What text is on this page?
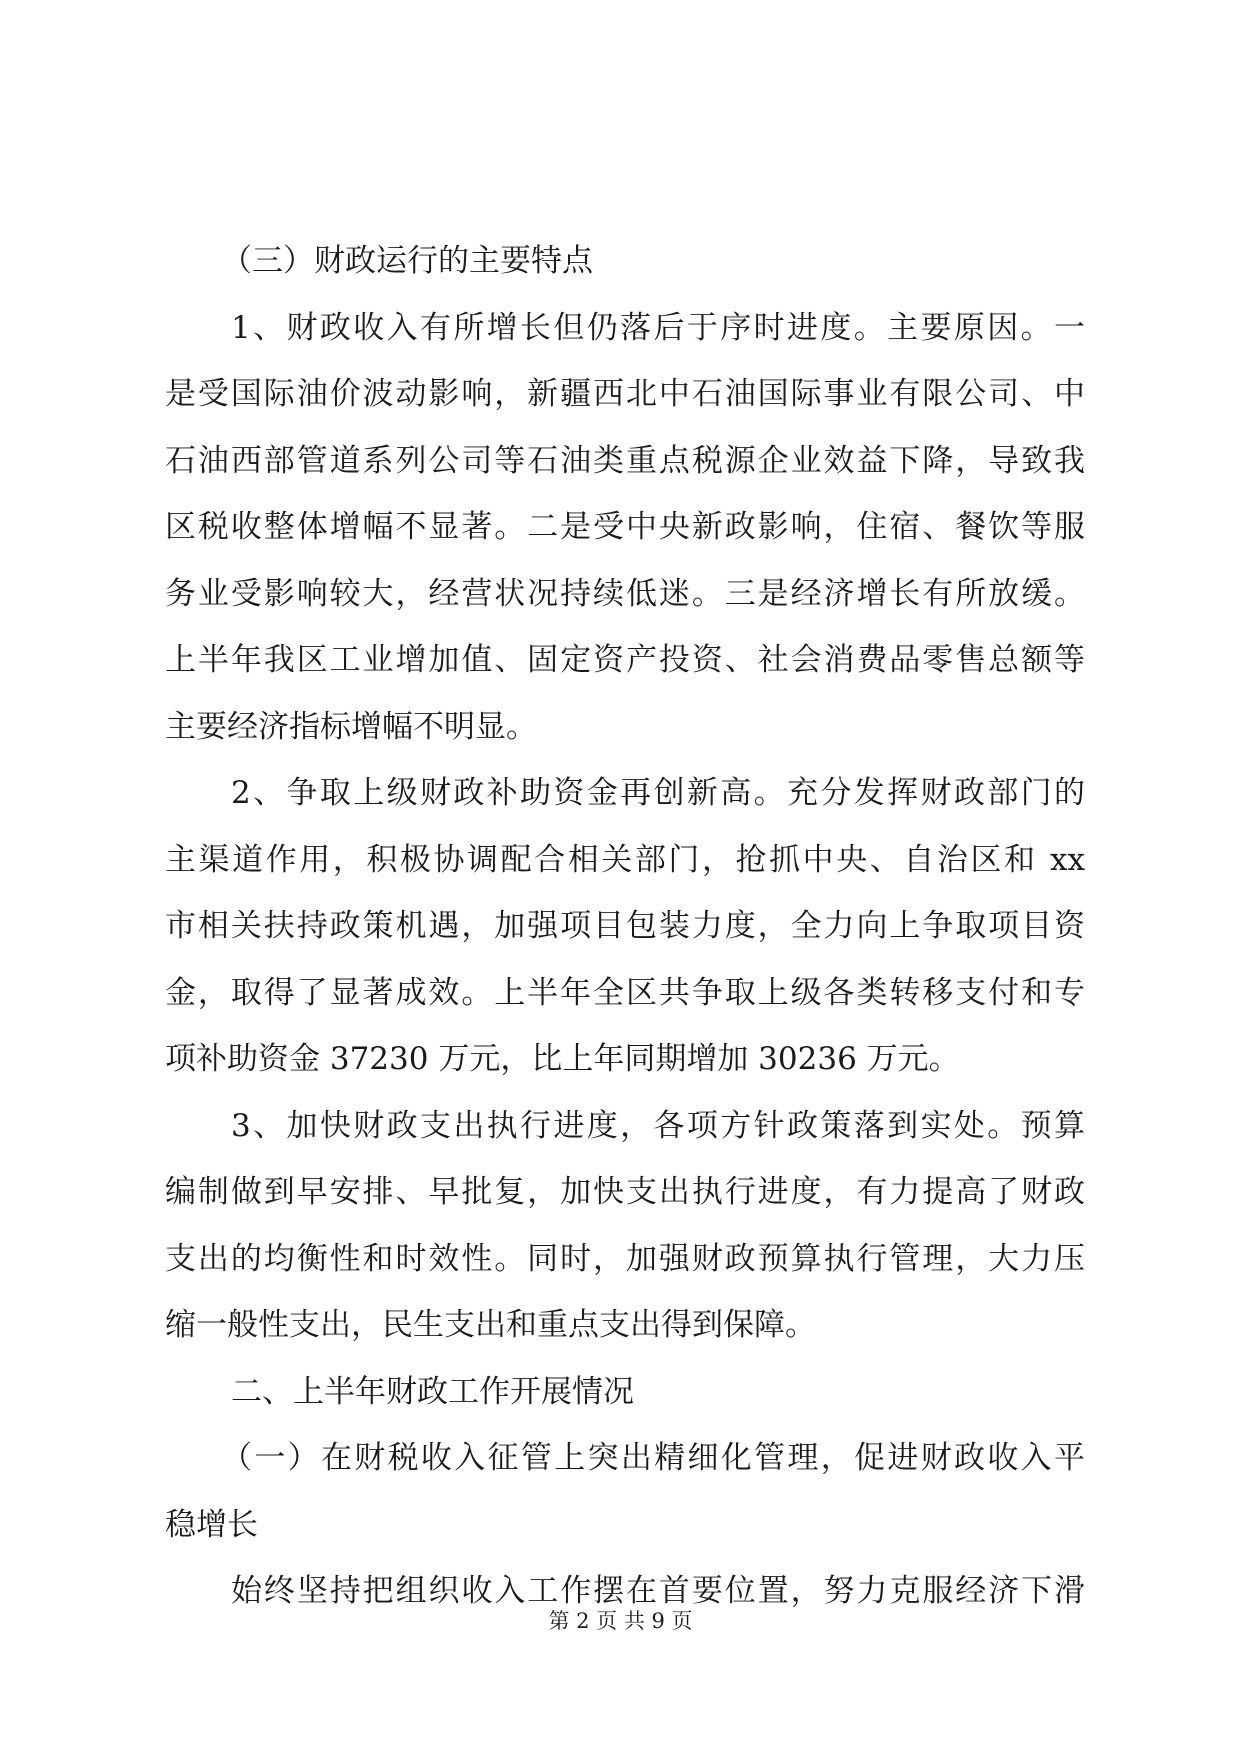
（三）财政运行的主要特点
1、财政收入有所增长但仍落后于序时进度。主要原因。一
是受国际油价波动影响，新疆西北中石油国际事业有限公司、中
石油西部管道系列公司等石油类重点税源企业效益下降，导致我
区税收整体增幅不显著。二是受中央新政影响，住宿、餐饮等服
务业受影响较大，经营状况持续低迷。三是经济增长有所放缓。
上半年我区工业增加值、固定资产投资、社会消费品零售总额等
主要经济指标增幅不明显。
2、争取上级财政补助资金再创新高。充分发挥财政部门的
主渠道作用，积极协调配合相关部门，抢抓中央、自治区和 xx
市相关扶持政策机遇，加强项目包装力度，全力向上争取项目资
金，取得了显著成效。上半年全区共争取上级各类转移支付和专
项补助资金 37230 万元，比上年同期增加 30236 万元。
3、加快财政支出执行进度，各项方针政策落到实处。预算
编制做到早安排、早批复，加快支出执行进度，有力提高了财政
支出的均衡性和时效性。同时，加强财政预算执行管理，大力压
缩一般性支出，民生支出和重点支出得到保障。
二、上半年财政工作开展情况
（一）在财税收入征管上突出精细化管理，促进财政收入平
稳增长
始终坚持把组织收入工作摆在首要位置，努力克服经济下滑
第 2 页 共 9 页
